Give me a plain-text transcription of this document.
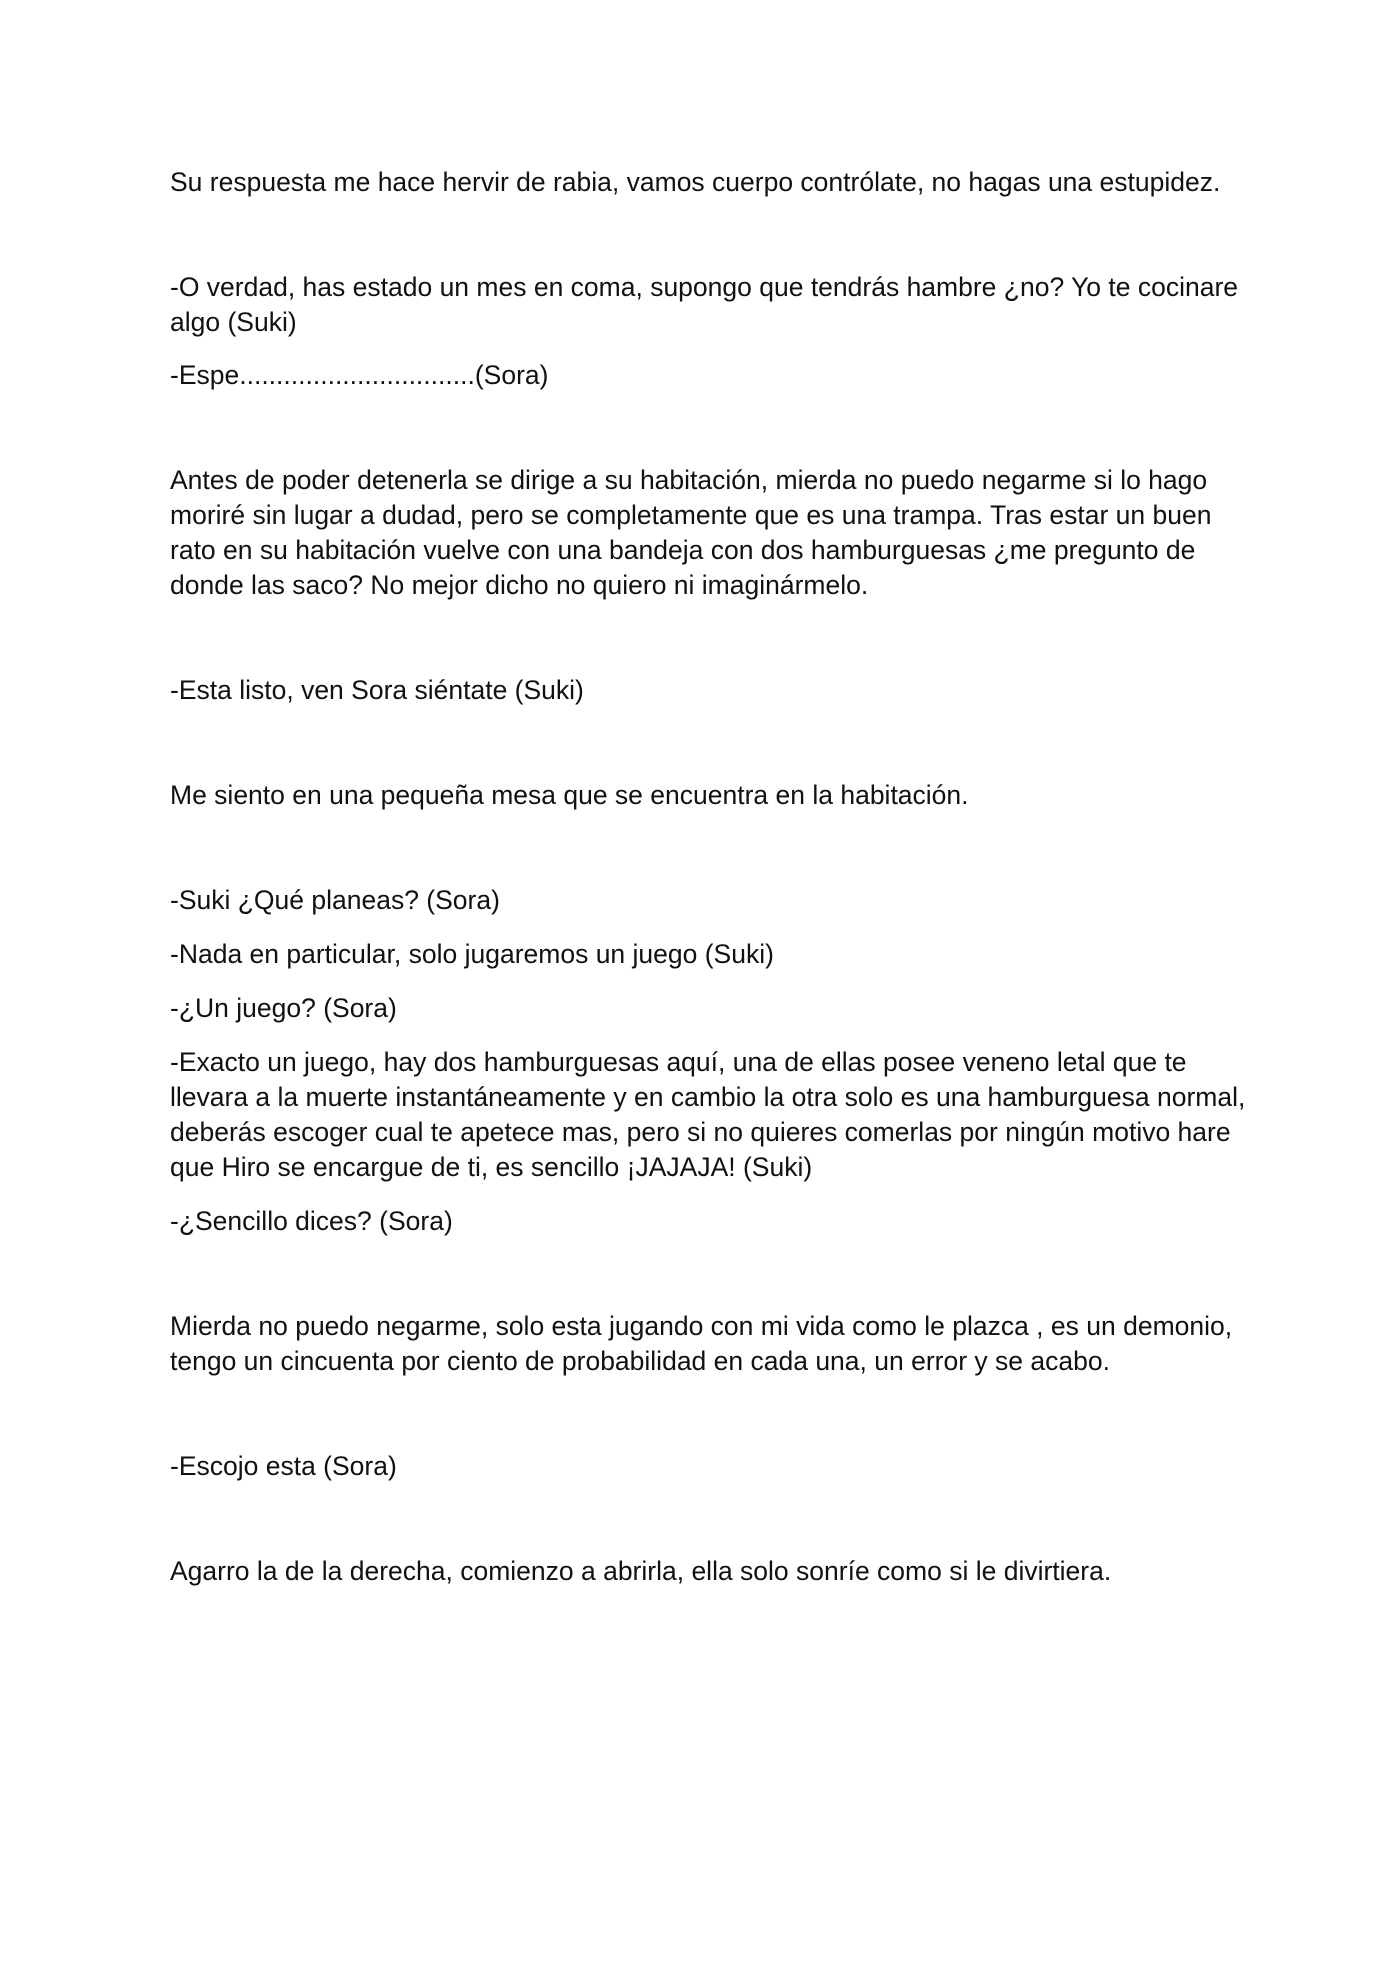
Su respuesta me hace hervir de rabia, vamos cuerpo contrólate, no hagas una estupidez.

-O verdad, has estado un mes en coma, supongo que tendrás hambre ¿no? Yo te cocinare algo (Suki)

-Espe................................(Sora)

Antes de poder detenerla se dirige a su habitación, mierda no puedo negarme si lo hago moriré sin lugar a dudad, pero se completamente que es una trampa. Tras estar un buen rato en su habitación vuelve con una bandeja con dos hamburguesas ¿me pregunto de donde las saco? No mejor dicho no quiero ni imaginármelo.

-Esta listo, ven Sora siéntate (Suki)

Me siento en una pequeña mesa que se encuentra en la habitación.

-Suki ¿Qué planeas? (Sora)

-Nada en particular, solo jugaremos un juego (Suki)

-¿Un juego? (Sora)

-Exacto un juego, hay dos hamburguesas aquí, una de ellas posee veneno letal que te llevara a la muerte instantáneamente y en cambio la otra solo es una hamburguesa normal, deberás escoger cual te apetece mas, pero si no quieres comerlas por ningún motivo hare que Hiro se encargue de ti, es sencillo ¡JAJAJA! (Suki)

-¿Sencillo dices? (Sora)

Mierda no puedo negarme, solo esta jugando con mi vida como le plazca , es un demonio, tengo un cincuenta por ciento de probabilidad en cada una, un error y se acabo.

-Escojo esta (Sora)

Agarro la de la derecha, comienzo a abrirla, ella solo sonríe como si le divirtiera.
